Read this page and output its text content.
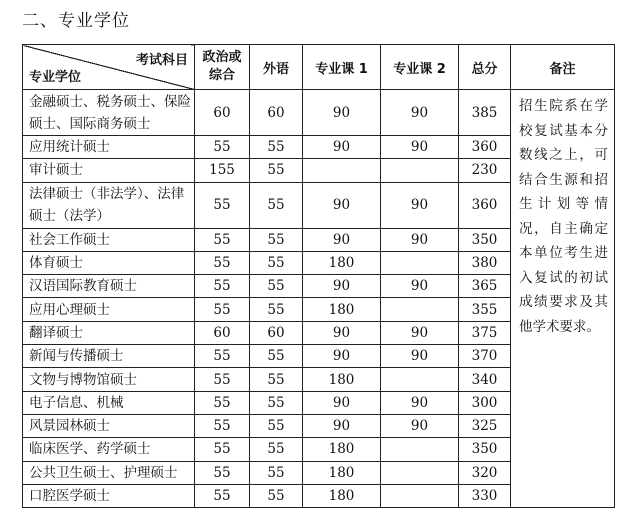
二、专业学位
考试科目
专业学位	政治或综合	外语	专业课 1	专业课 2	总分	备注
金融硕士、税务硕士、保险硕士、国际商务硕士	60	60	90	90	385	招生院系在学校复试基本分数线之上，可结合生源和招生计划等情况，自主确定本单位考生进入复试的初试成绩要求及其他学术要求。
应用统计硕士	55	55	90	90	360	
审计硕士	155	55			230	
法律硕士（非法学）、法律硕士（法学）	55	55	90	90	360	
社会工作硕士	55	55	90	90	350	
体育硕士	55	55	180		380	
汉语国际教育硕士	55	55	90	90	365	
应用心理硕士	55	55	180		355	
翻译硕士	60	60	90	90	375	
新闻与传播硕士	55	55	90	90	370	
文物与博物馆硕士	55	55	180		340	
电子信息、机械	55	55	90	90	300	
风景园林硕士	55	55	90	90	325	
临床医学、药学硕士	55	55	180		350	
公共卫生硕士、护理硕士	55	55	180		320	
口腔医学硕士	55	55	180		330	
